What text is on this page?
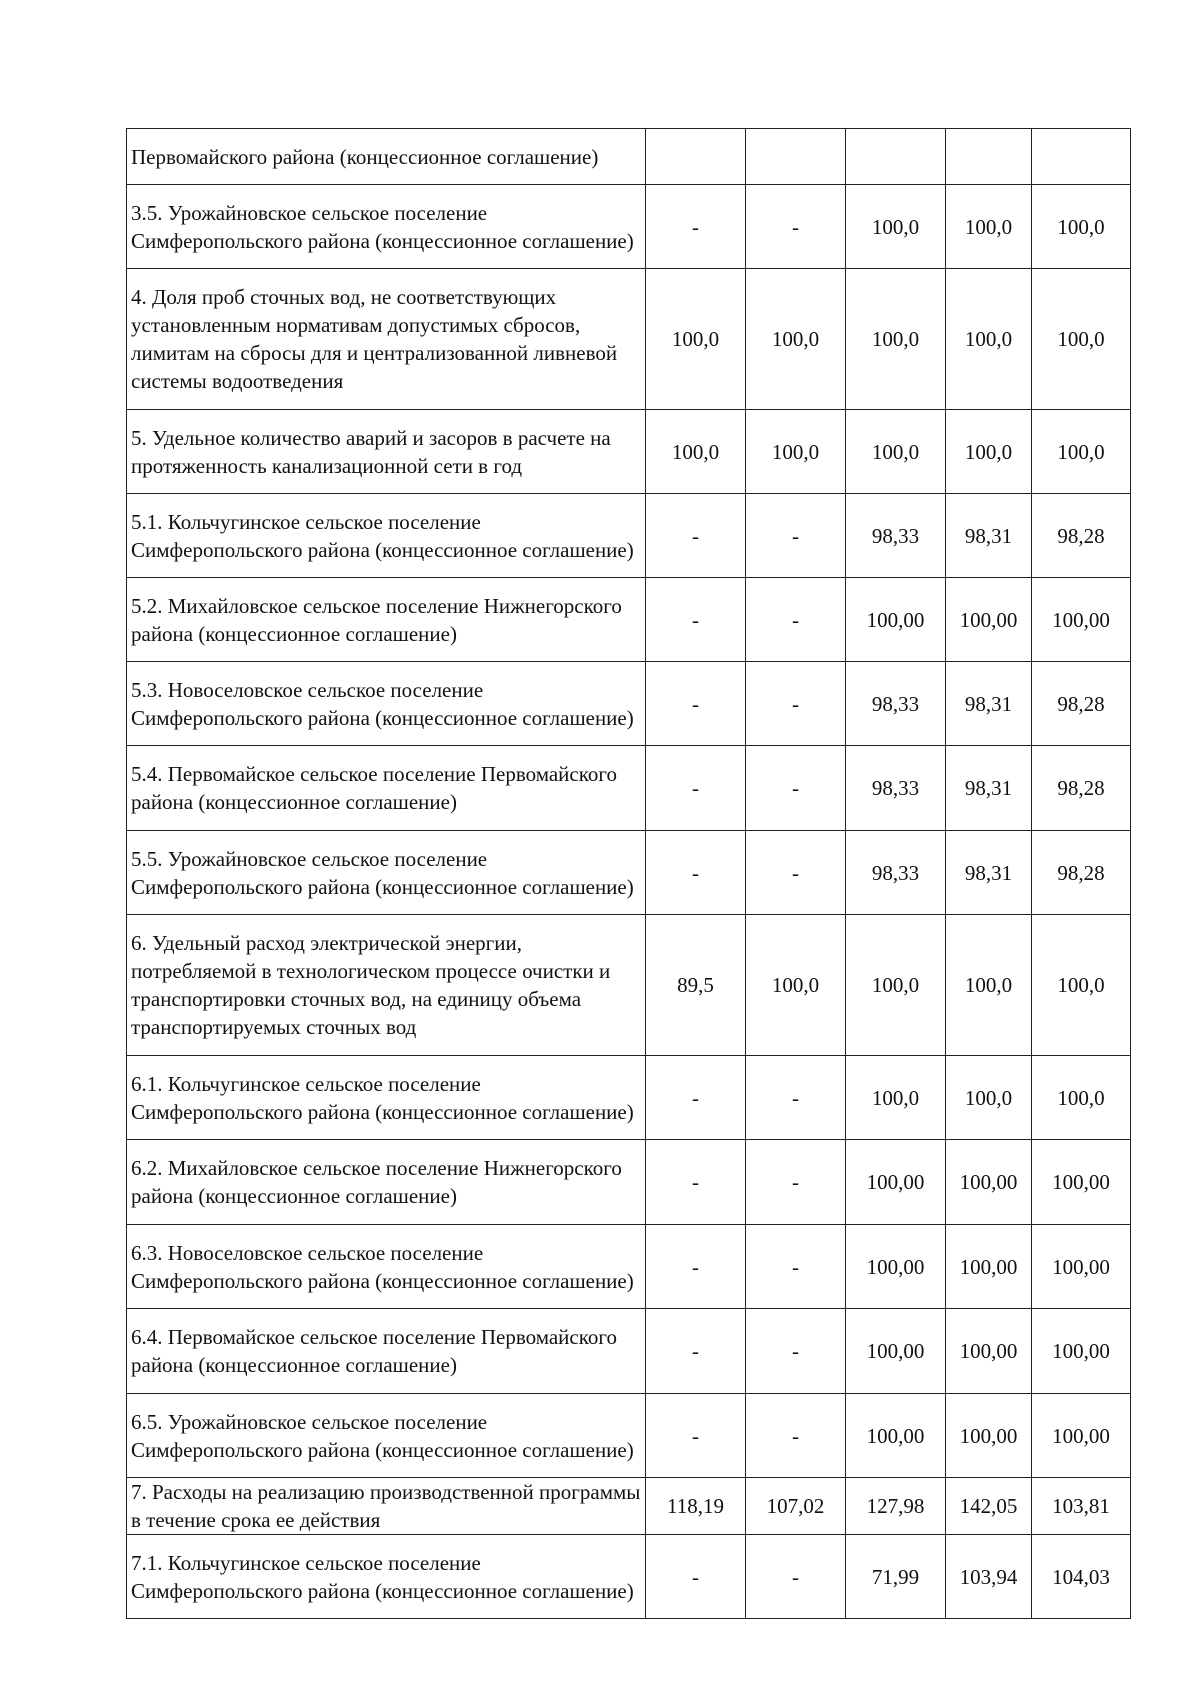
Первомайского района (концессионное соглашение)					
3.5. Урожайновское сельское поселение Симферопольского района (концессионное соглашение)	-	-	100,0	100,0	100,0
4. Доля проб сточных вод, не соответствующих установленным нормативам допустимых сбросов, лимитам на сбросы для и централизованной ливневой системы водоотведения	100,0	100,0	100,0	100,0	100,0
5. Удельное количество аварий и засоров в расчете на протяженность канализационной сети в год	100,0	100,0	100,0	100,0	100,0
5.1. Кольчугинское сельское поселение Симферопольского района (концессионное соглашение)	-	-	98,33	98,31	98,28
5.2. Михайловское сельское поселение Нижнегорского района (концессионное соглашение)	-	-	100,00	100,00	100,00
5.3. Новоселовское сельское поселение Симферопольского района (концессионное соглашение)	-	-	98,33	98,31	98,28
5.4. Первомайское сельское поселение Первомайского района (концессионное соглашение)	-	-	98,33	98,31	98,28
5.5. Урожайновское сельское поселение Симферопольского района (концессионное соглашение)	-	-	98,33	98,31	98,28
6. Удельный расход электрической энергии, потребляемой в технологическом процессе очистки и транспортировки сточных вод, на единицу объема транспортируемых сточных вод	89,5	100,0	100,0	100,0	100,0
6.1. Кольчугинское сельское поселение Симферопольского района (концессионное соглашение)	-	-	100,0	100,0	100,0
6.2. Михайловское сельское поселение Нижнегорского района (концессионное соглашение)	-	-	100,00	100,00	100,00
6.3. Новоселовское сельское поселение Симферопольского района (концессионное соглашение)	-	-	100,00	100,00	100,00
6.4. Первомайское сельское поселение Первомайского района (концессионное соглашение)	-	-	100,00	100,00	100,00
6.5. Урожайновское сельское поселение Симферопольского района (концессионное соглашение)	-	-	100,00	100,00	100,00
7. Расходы на реализацию производственной программы в течение срока ее действия	118,19	107,02	127,98	142,05	103,81
7.1. Кольчугинское сельское поселение Симферопольского района (концессионное соглашение)	-	-	71,99	103,94	104,03
